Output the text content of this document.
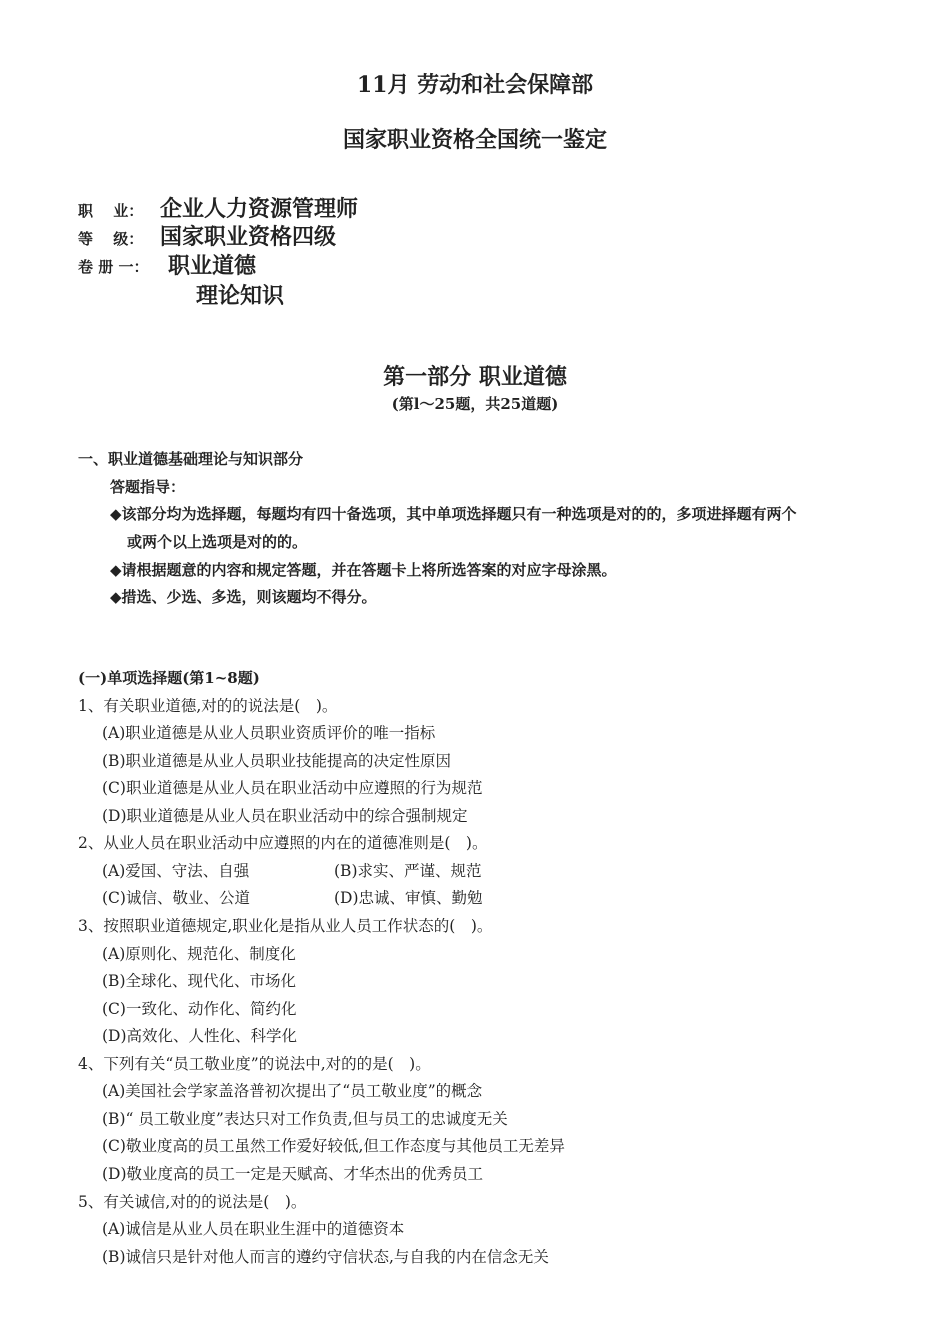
11月 劳动和社会保障部
国家职业资格全国统一鉴定
职　 业： 企业人力资源管理师
等　 级： 国家职业资格四级
卷 册 一： 职业道德
理论知识
第一部分 职业道德
(第l～25题，共25道题)
一、职业道德基础理论与知识部分
答题指导：
◆该部分均为选择题，每题均有四十备选项，其中单项选择题只有一种选项是对的的，多项进择题有两个
或两个以上选项是对的的。
◆请根据题意的内容和规定答题，并在答题卡上将所选答案的对应字母涂黑。
◆措选、少选、多选，则该题均不得分。
(一)单项选择题(第1~8题)
1、有关职业道德,对的的说法是(　)。
(A)职业道德是从业人员职业资质评价的唯一指标
(B)职业道德是从业人员职业技能提高的决定性原因
(C)职业道德是从业人员在职业活动中应遵照的行为规范
(D)职业道德是从业人员在职业活动中的综合强制规定
2、从业人员在职业活动中应遵照的内在的道德准则是(　)。
(A)爱国、守法、自强	(B)求实、严谨、规范
(C)诚信、敬业、公道	(D)忠诚、审慎、勤勉
3、按照职业道德规定,职业化是指从业人员工作状态的(　)。
(A)原则化、规范化、制度化
(B)全球化、现代化、市场化
(C)一致化、动作化、简约化
(D)高效化、人性化、科学化
4、下列有关“员工敬业度”的说法中,对的的是(　)。
(A)美国社会学家盖洛普初次提出了“员工敬业度”的概念
(B)“ 员工敬业度”表达只对工作负责,但与员工的忠诚度无关
(C)敬业度高的员工虽然工作爱好较低,但工作态度与其他员工无差异
(D)敬业度高的员工一定是天赋高、才华杰出的优秀员工
5、有关诚信,对的的说法是(　)。
(A)诚信是从业人员在职业生涯中的道德资本
(B)诚信只是针对他人而言的遵约守信状态,与自我的内在信念无关
